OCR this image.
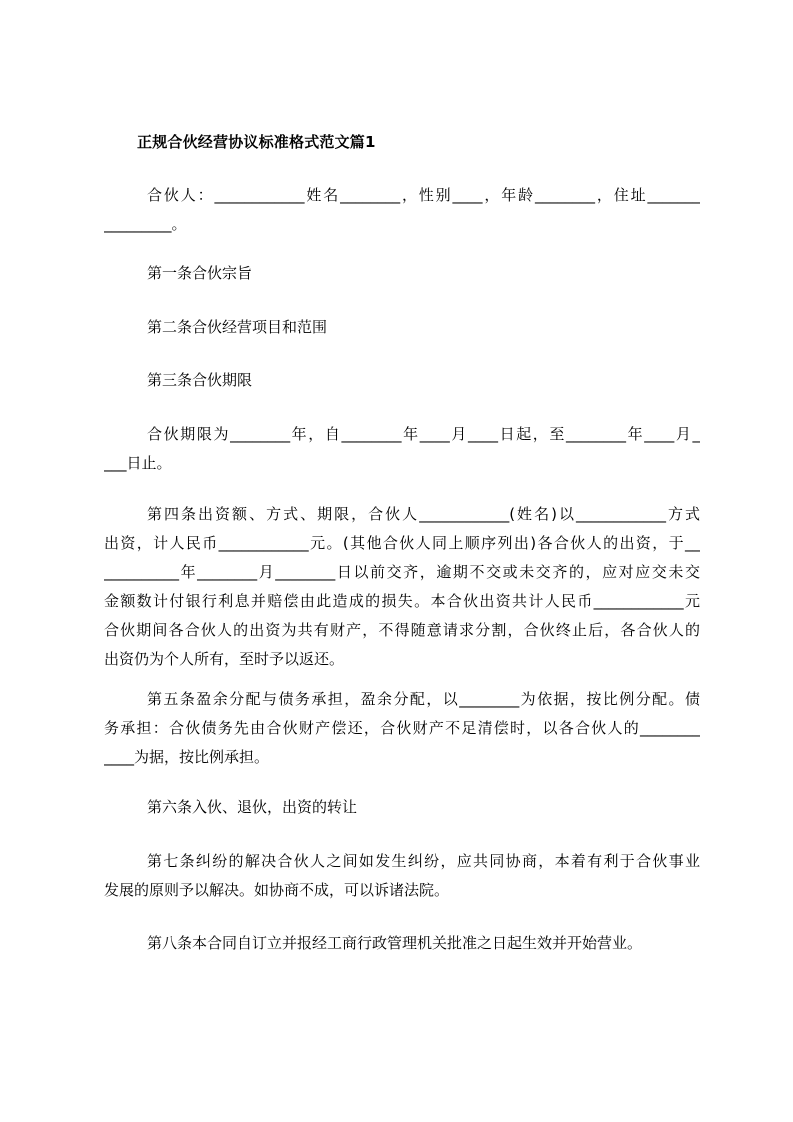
正规合伙经营协议标准格式范文篇1
合伙人：____________姓名________，性别____，年龄________，住址_______
_________。
第一条合伙宗旨
第二条合伙经营项目和范围
第三条合伙期限
合伙期限为________年，自________年____月____日起，至________年____月_
___日止。
第四条出资额、方式、期限，合伙人____________(姓名)以____________方式
出资，计人民币____________元。(其他合伙人同上顺序列出)各合伙人的出资，于__
__________年________月________日以前交齐，逾期不交或未交齐的，应对应交未交
金额数计付银行利息并赔偿由此造成的损失。本合伙出资共计人民币____________元
合伙期间各合伙人的出资为共有财产，不得随意请求分割，合伙终止后，各合伙人的
出资仍为个人所有，至时予以返还。
第五条盈余分配与债务承担，盈余分配，以________为依据，按比例分配。债
务承担：合伙债务先由合伙财产偿还，合伙财产不足清偿时，以各合伙人的________
____为据，按比例承担。
第六条入伙、退伙，出资的转让
第七条纠纷的解决合伙人之间如发生纠纷，应共同协商，本着有利于合伙事业
发展的原则予以解决。如协商不成，可以诉诸法院。
第八条本合同自订立并报经工商行政管理机关批准之日起生效并开始营业。
